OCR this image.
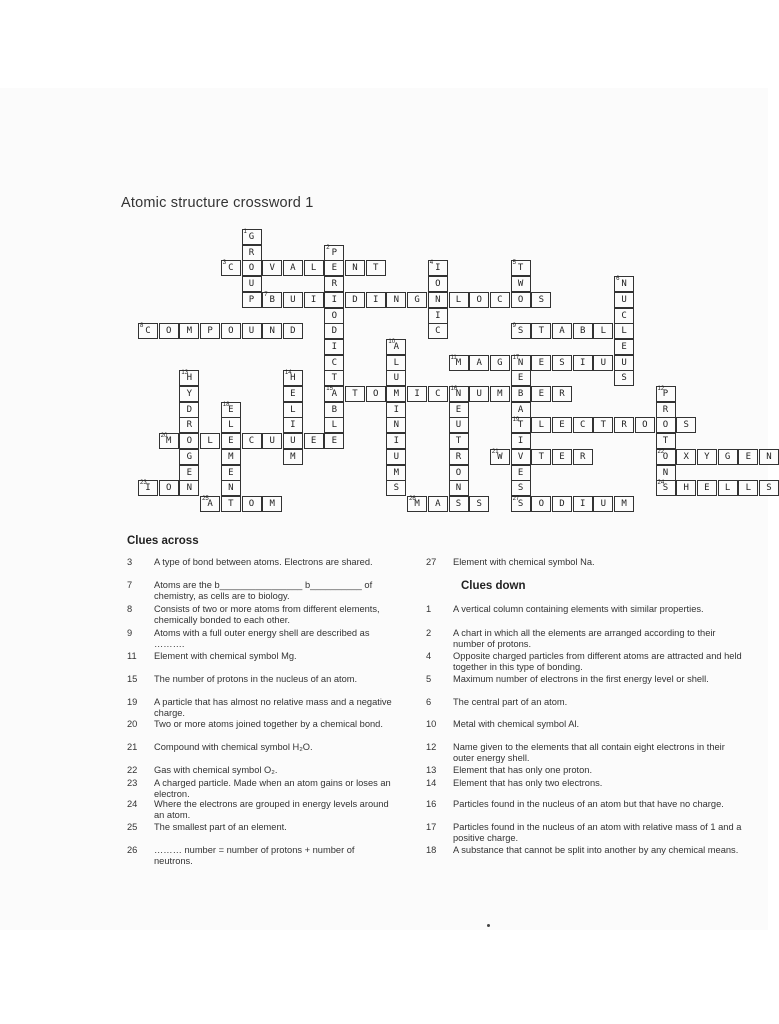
Atomic structure crossword 1
G
1
R
O
U
P
P
2
E
R
I
O
D
I
C
T
A
15
B
L
E
C
3	V A L	N T	I
4
O
N
I
C
T
5
W
O
N
6
U
C
L
E
U
S
B
7	U I	D I N G	L O C	S
C
8	O M P O U N D	S
9	T A B L
A
10
L
U
M
I
N
I
U
M
S
M
11 A G N
17 E S I U
P
12
R
O
T
O
22
N
S
24
H
13
Y
D
R
O
G
E
N
H
14
E
L
I
U
M
T O	I C N
16 U M B E R
E
U
T
R
O
N
S
E
A
T
19
I
V
E
S
E
18
L
E
M
E
N
T
L E C T R O	S
M
20	L	C U	E
W
21	T E R	X Y G E N
I
23 O	H E L L S
A
25	O M	M
26 A	S	S
27 O D I U M
Clues across
Clues down
3	A type of bond between atoms. Electrons are shared.
7	Atoms are the b________________ b__________ of chemistry, as cells are to biology.
8	Consists of two or more atoms from different elements, chemically bonded to each other.
9	Atoms with a full outer energy shell are described as ……….
11	Element with chemical symbol Mg.
15	The number of protons in the nucleus of an atom.
19	A particle that has almost no relative mass and a negative charge.
20	Two or more atoms joined together by a chemical bond.
21	Compound with chemical symbol H₂O.
22	Gas with chemical symbol O₂.
23	A charged particle. Made when an atom gains or loses an electron.
24	Where the electrons are grouped in energy levels around an atom.
25	The smallest part of an element.
26	……… number = number of protons + number of neutrons.
27	Element with chemical symbol Na.
1	A vertical column containing elements with similar properties.
2	A chart in which all the elements are arranged according to their number of protons.
4	Opposite charged particles from different atoms are attracted and held together in this type of bonding.
5	Maximum number of electrons in the first energy level or shell.
6	The central part of an atom.
10	Metal with chemical symbol Al.
12	Name given to the elements that all contain eight electrons in their outer energy shell.
13	Element that has only one proton.
14	Element that has only two electrons.
16	Particles found in the nucleus of an atom but that have no charge.
17	Particles found in the nucleus of an atom with relative mass of 1 and a positive charge.
18	A substance that cannot be split into another by any chemical means.
